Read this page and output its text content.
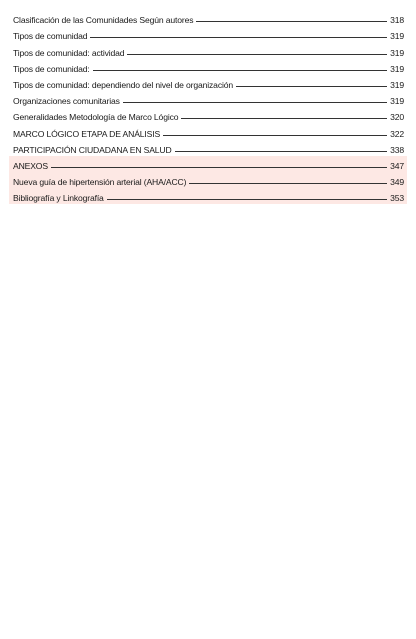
Clasificación de las Comunidades Según autores	318
Tipos de comunidad	319
Tipos de comunidad: actividad	319
Tipos de comunidad:	319
Tipos de comunidad: dependiendo del nivel de organización	319
Organizaciones comunitarias	319
Generalidades Metodología de Marco Lógico	320
MARCO LÓGICO ETAPA DE ANÁLISIS	322
PARTICIPACIÓN CIUDADANA EN SALUD	338
ANEXOS	347
Nueva guía de hipertensión arterial (AHA/ACC)	349
Bibliografía y Linkografía	353
